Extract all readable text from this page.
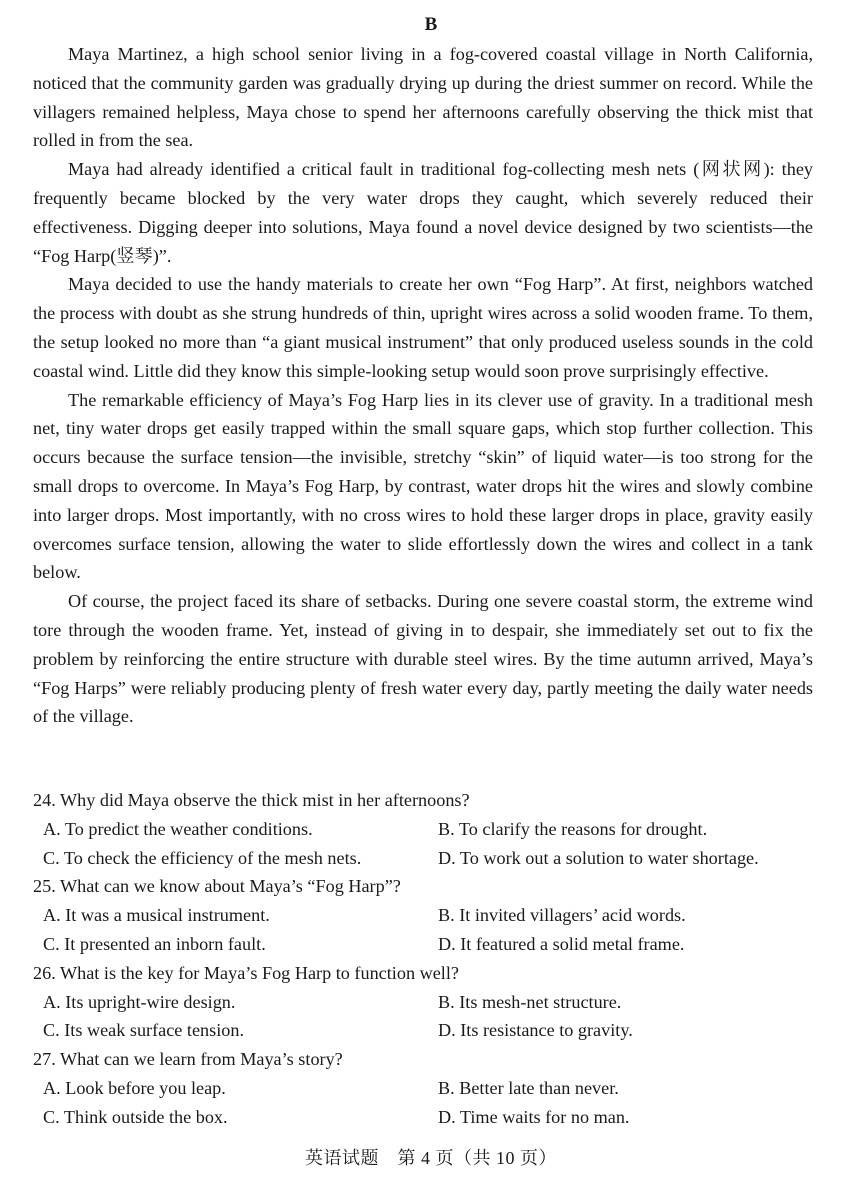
B

Maya Martinez, a high school senior living in a fog-covered coastal village in North California, noticed that the community garden was gradually drying up during the driest summer on record. While the villagers remained helpless, Maya chose to spend her afternoons carefully observing the thick mist that rolled in from the sea.

Maya had already identified a critical fault in traditional fog-collecting mesh nets (网状网): they frequently became blocked by the very water drops they caught, which severely reduced their effectiveness. Digging deeper into solutions, Maya found a novel device designed by two scientists—the “Fog Harp(竖琴)”.

Maya decided to use the handy materials to create her own “Fog Harp”. At first, neighbors watched the process with doubt as she strung hundreds of thin, upright wires across a solid wooden frame. To them, the setup looked no more than “a giant musical instrument” that only produced useless sounds in the cold coastal wind. Little did they know this simple-looking setup would soon prove surprisingly effective.

The remarkable efficiency of Maya’s Fog Harp lies in its clever use of gravity. In a traditional mesh net, tiny water drops get easily trapped within the small square gaps, which stop further collection. This occurs because the surface tension—the invisible, stretchy “skin” of liquid water—is too strong for the small drops to overcome. In Maya’s Fog Harp, by contrast, water drops hit the wires and slowly combine into larger drops. Most importantly, with no cross wires to hold these larger drops in place, gravity easily overcomes surface tension, allowing the water to slide effortlessly down the wires and collect in a tank below.

Of course, the project faced its share of setbacks. During one severe coastal storm, the extreme wind tore through the wooden frame. Yet, instead of giving in to despair, she immediately set out to fix the problem by reinforcing the entire structure with durable steel wires. By the time autumn arrived, Maya’s “Fog Harps” were reliably producing plenty of fresh water every day, partly meeting the daily water needs of the village.

24. Why did Maya observe the thick mist in her afternoons?

A. To predict the weather conditions.	B. To clarify the reasons for drought.
C. To check the efficiency of the mesh nets.	D. To work out a solution to water shortage.

25. What can we know about Maya’s “Fog Harp”?

A. It was a musical instrument.	B. It invited villagers’ acid words.
C. It presented an inborn fault.	D. It featured a solid metal frame.

26. What is the key for Maya’s Fog Harp to function well?

A. Its upright-wire design.	B. Its mesh-net structure.
C. Its weak surface tension.	D. Its resistance to gravity.

27. What can we learn from Maya’s story?

A. Look before you leap.	B. Better late than never.
C. Think outside the box.	D. Time waits for no man.
英语试题　第 4 页（共 10 页）
